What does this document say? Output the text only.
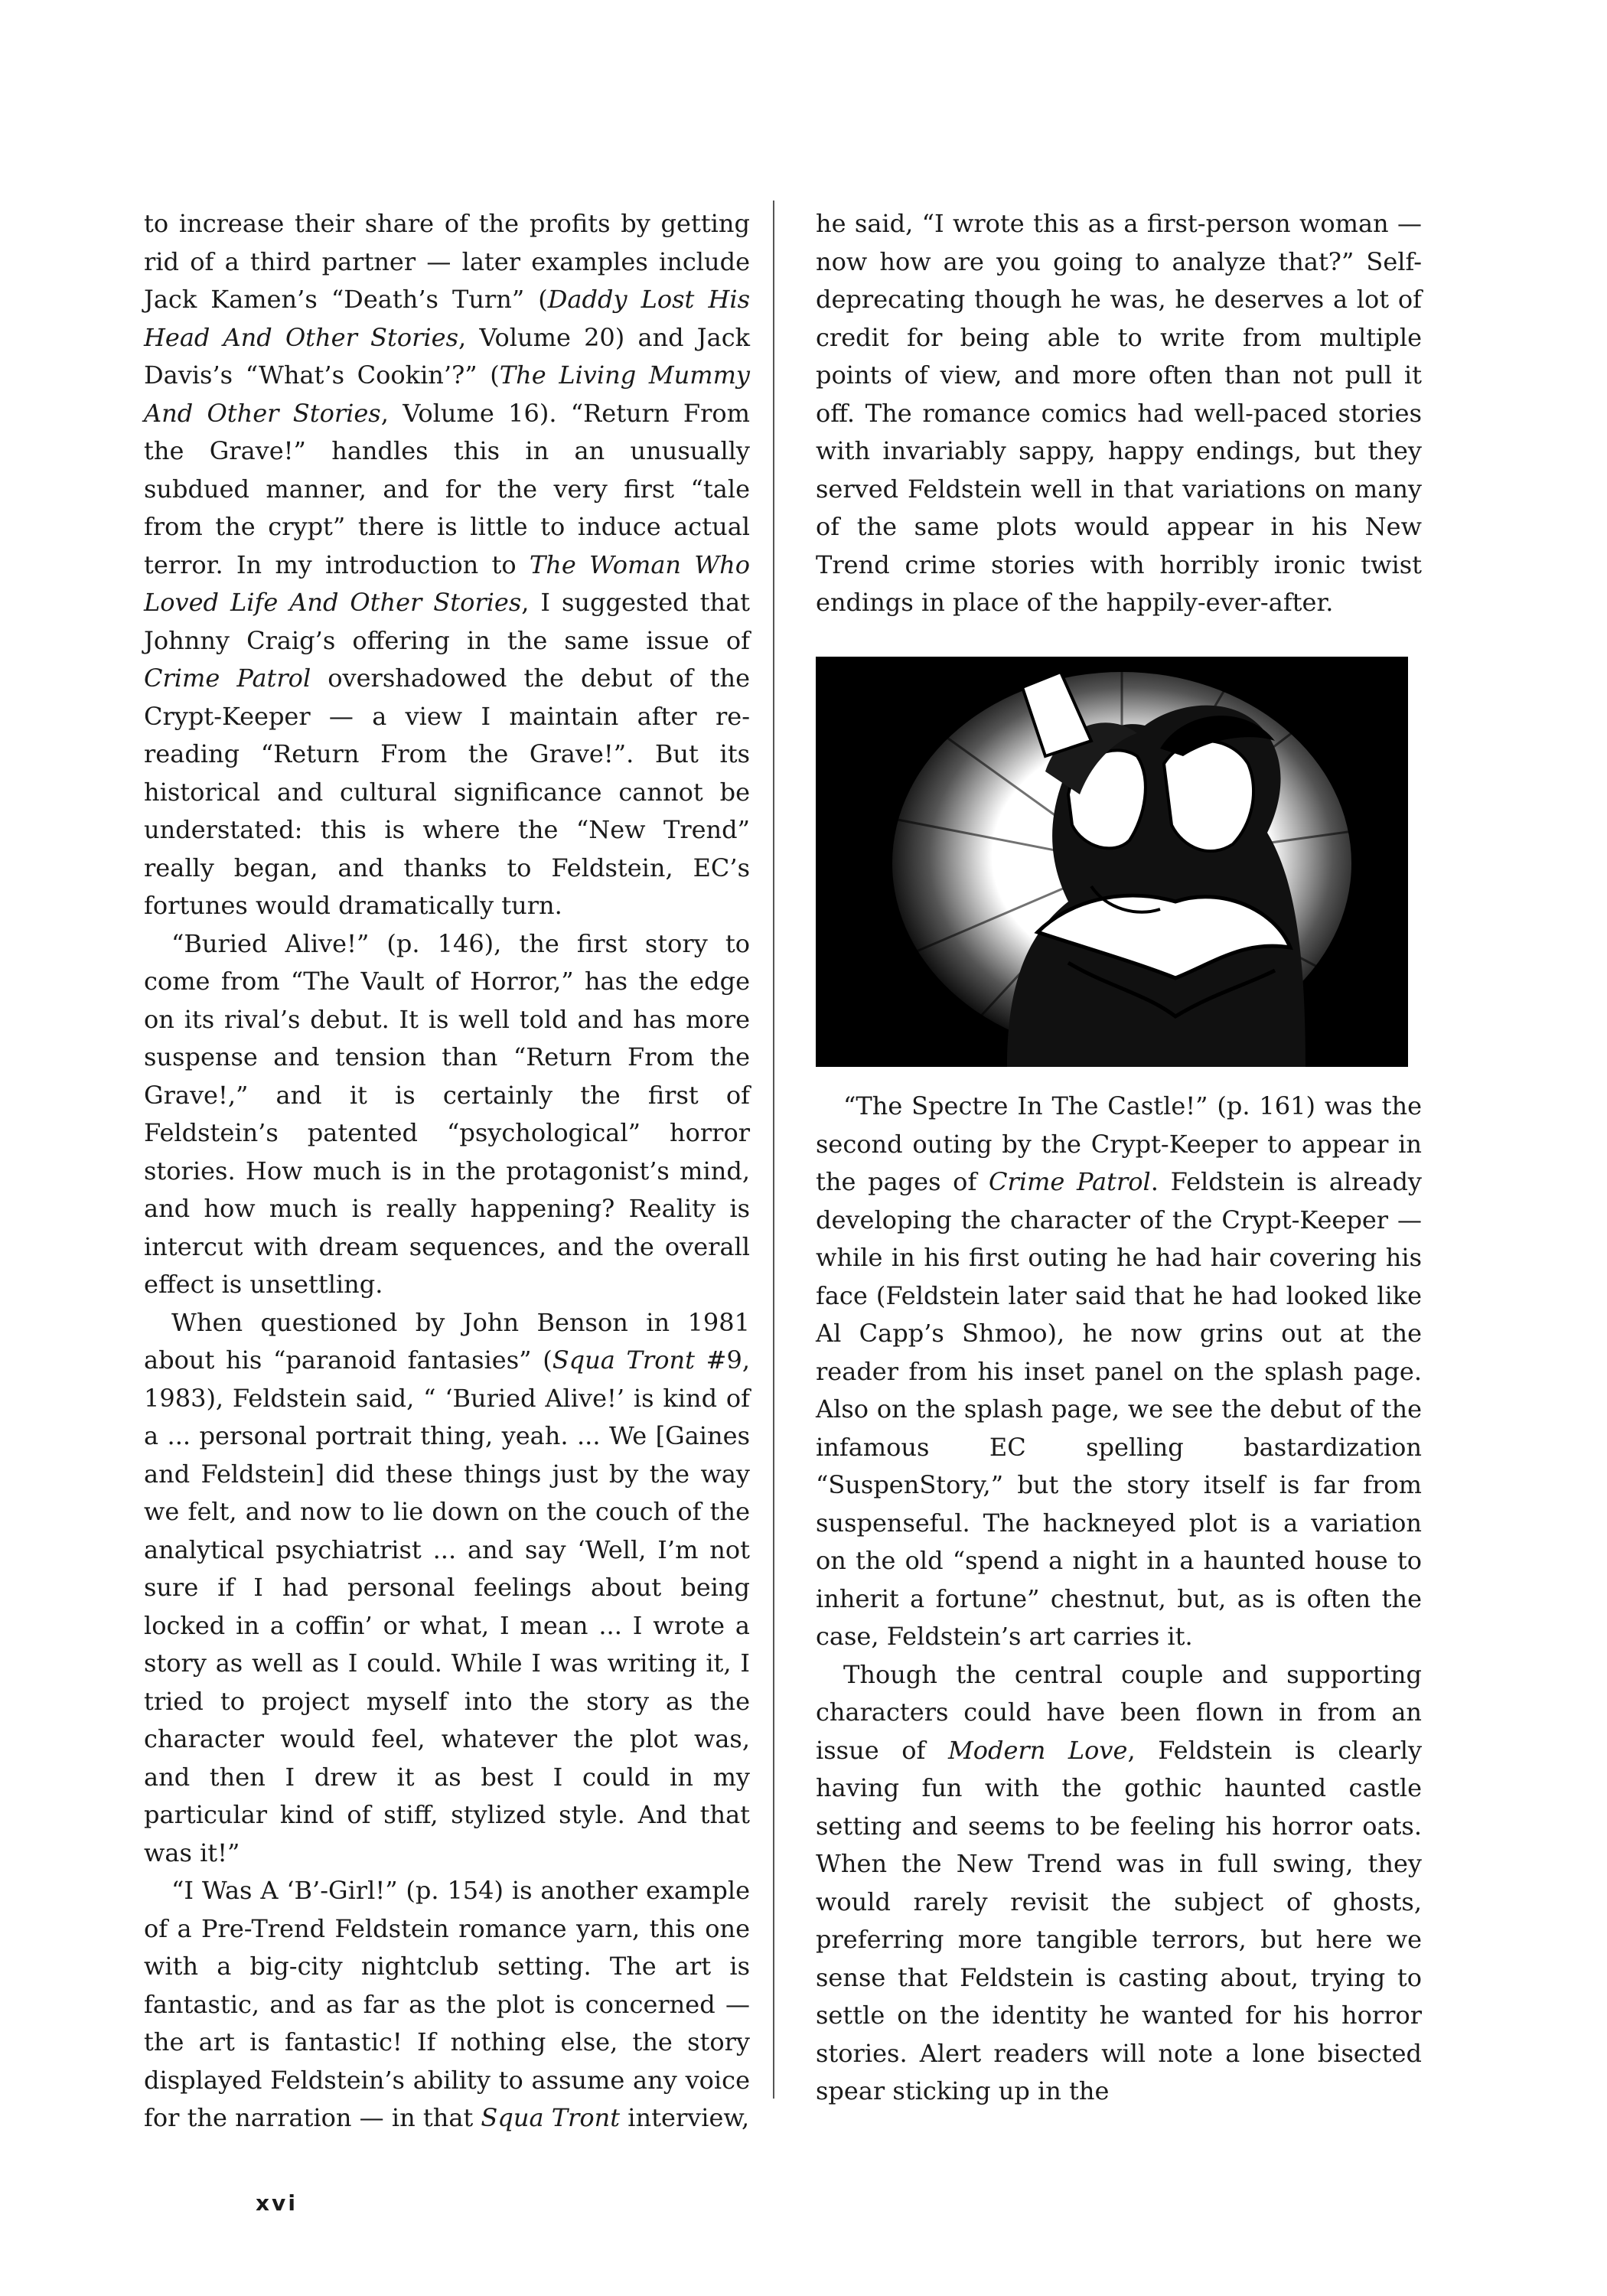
to increase their share of the profits by getting rid of a third partner — later examples include Jack Kamen’s “Death’s Turn” (Daddy Lost His Head And Other Stories, Volume 20) and Jack Davis’s “What’s Cookin’?” (The Living Mummy And Other Stories, Volume 16). “Return From the Grave!” handles this in an unusually subdued manner, and for the very first “tale from the crypt” there is little to induce actual terror. In my introduction to The Woman Who Loved Life And Other Stories, I suggested that Johnny Craig’s offering in the same issue of Crime Patrol overshadowed the debut of the Crypt-Keeper — a view I maintain after re-reading “Return From the Grave!”. But its historical and cultural significance cannot be understated: this is where the “New Trend” really began, and thanks to Feldstein, EC’s fortunes would dramatically turn.

“Buried Alive!” (p. 146), the first story to come from “The Vault of Horror,” has the edge on its rival’s debut. It is well told and has more suspense and tension than “Return From the Grave!,” and it is certainly the first of Feldstein’s patented “psychological” horror stories. How much is in the protagonist’s mind, and how much is really happening? Reality is intercut with dream sequences, and the overall effect is unsettling.

When questioned by John Benson in 1981 about his “paranoid fantasies” (Squa Tront #9, 1983), Feldstein said, “ ‘Buried Alive!’ is kind of a ... personal portrait thing, yeah. ... We [Gaines and Feldstein] did these things just by the way we felt, and now to lie down on the couch of the analytical psychiatrist ... and say ‘Well, I’m not sure if I had personal feelings about being locked in a coffin’ or what, I mean ... I wrote a story as well as I could. While I was writing it, I tried to project myself into the story as the character would feel, whatever the plot was, and then I drew it as best I could in my particular kind of stiff, stylized style. And that was it!”

“I Was A ‘B’-Girl!” (p. 154) is another example of a Pre-Trend Feldstein romance yarn, this one with a big-city nightclub setting. The art is fantastic, and as far as the plot is concerned — the art is fantastic! If nothing else, the story displayed Feldstein’s ability to assume any voice for the narration — in that Squa Tront interview,

he said, “I wrote this as a first-person woman — now how are you going to analyze that?” Self-deprecating though he was, he deserves a lot of credit for being able to write from multiple points of view, and more often than not pull it off. The romance comics had well-paced stories with invariably sappy, happy endings, but they served Feldstein well in that variations on many of the same plots would appear in his New Trend crime stories with horribly ironic twist endings in place of the happily-ever-after.

“The Spectre In The Castle!” (p. 161) was the second outing by the Crypt-Keeper to appear in the pages of Crime Patrol. Feldstein is already developing the character of the Crypt-Keeper — while in his first outing he had hair covering his face (Feldstein later said that he had looked like Al Capp’s Shmoo), he now grins out at the reader from his inset panel on the splash page. Also on the splash page, we see the debut of the infamous EC spelling bastardization “SuspenStory,” but the story itself is far from suspenseful. The hackneyed plot is a variation on the old “spend a night in a haunted house to inherit a fortune” chestnut, but, as is often the case, Feldstein’s art carries it.

Though the central couple and supporting characters could have been flown in from an issue of Modern Love, Feldstein is clearly having fun with the gothic haunted castle setting and seems to be feeling his horror oats. When the New Trend was in full swing, they would rarely revisit the subject of ghosts, preferring more tangible terrors, but here we sense that Feldstein is casting about, trying to settle on the identity he wanted for his horror stories. Alert readers will note a lone bisected spear sticking up in the

xvi
